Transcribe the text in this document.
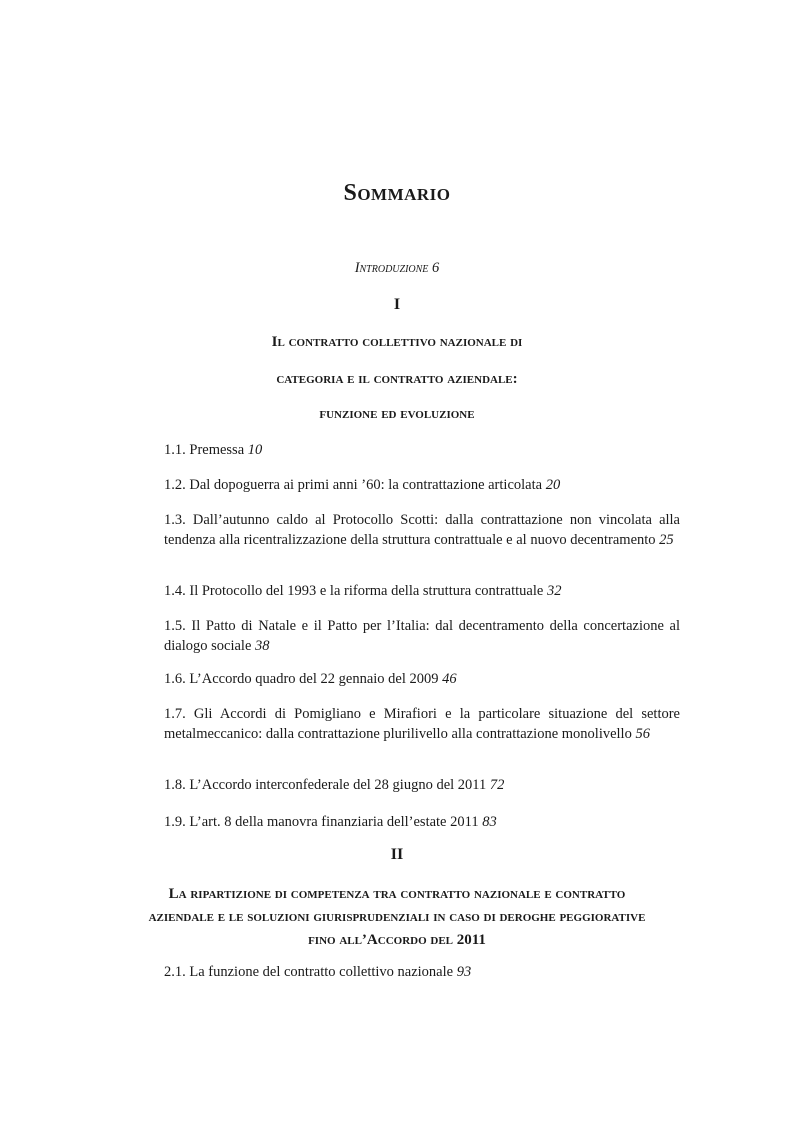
Sommario
Introduzione 6
I
Il contratto collettivo nazionale di
categoria e il contratto aziendale:
funzione ed evoluzione
1.1. Premessa 10
1.2. Dal dopoguerra ai primi anni ’60: la contrattazione articolata 20
1.3. Dall’autunno caldo al Protocollo Scotti: dalla contrattazione non vincolata alla tendenza alla ricentralizzazione della struttura contrattuale e al nuovo decentramento 25
1.4. Il Protocollo del 1993 e la riforma della struttura contrattuale 32
1.5. Il Patto di Natale e il Patto per l’Italia: dal decentramento della concertazione al dialogo sociale 38
1.6. L’Accordo quadro del 22 gennaio del 2009 46
1.7. Gli Accordi di Pomigliano e Mirafiori e la particolare situazione del settore metalmeccanico: dalla contrattazione plurilivello alla contrattazione monolivello 56
1.8. L’Accordo interconfederale del 28 giugno del 2011 72
1.9. L’art. 8 della manovra finanziaria dell’estate 2011 83
II
La ripartizione di competenza tra contratto nazionale e contratto aziendale e le soluzioni giurisprudenziali in caso di deroghe peggiorative fino all’Accordo del 2011
2.1. La funzione del contratto collettivo nazionale 93
